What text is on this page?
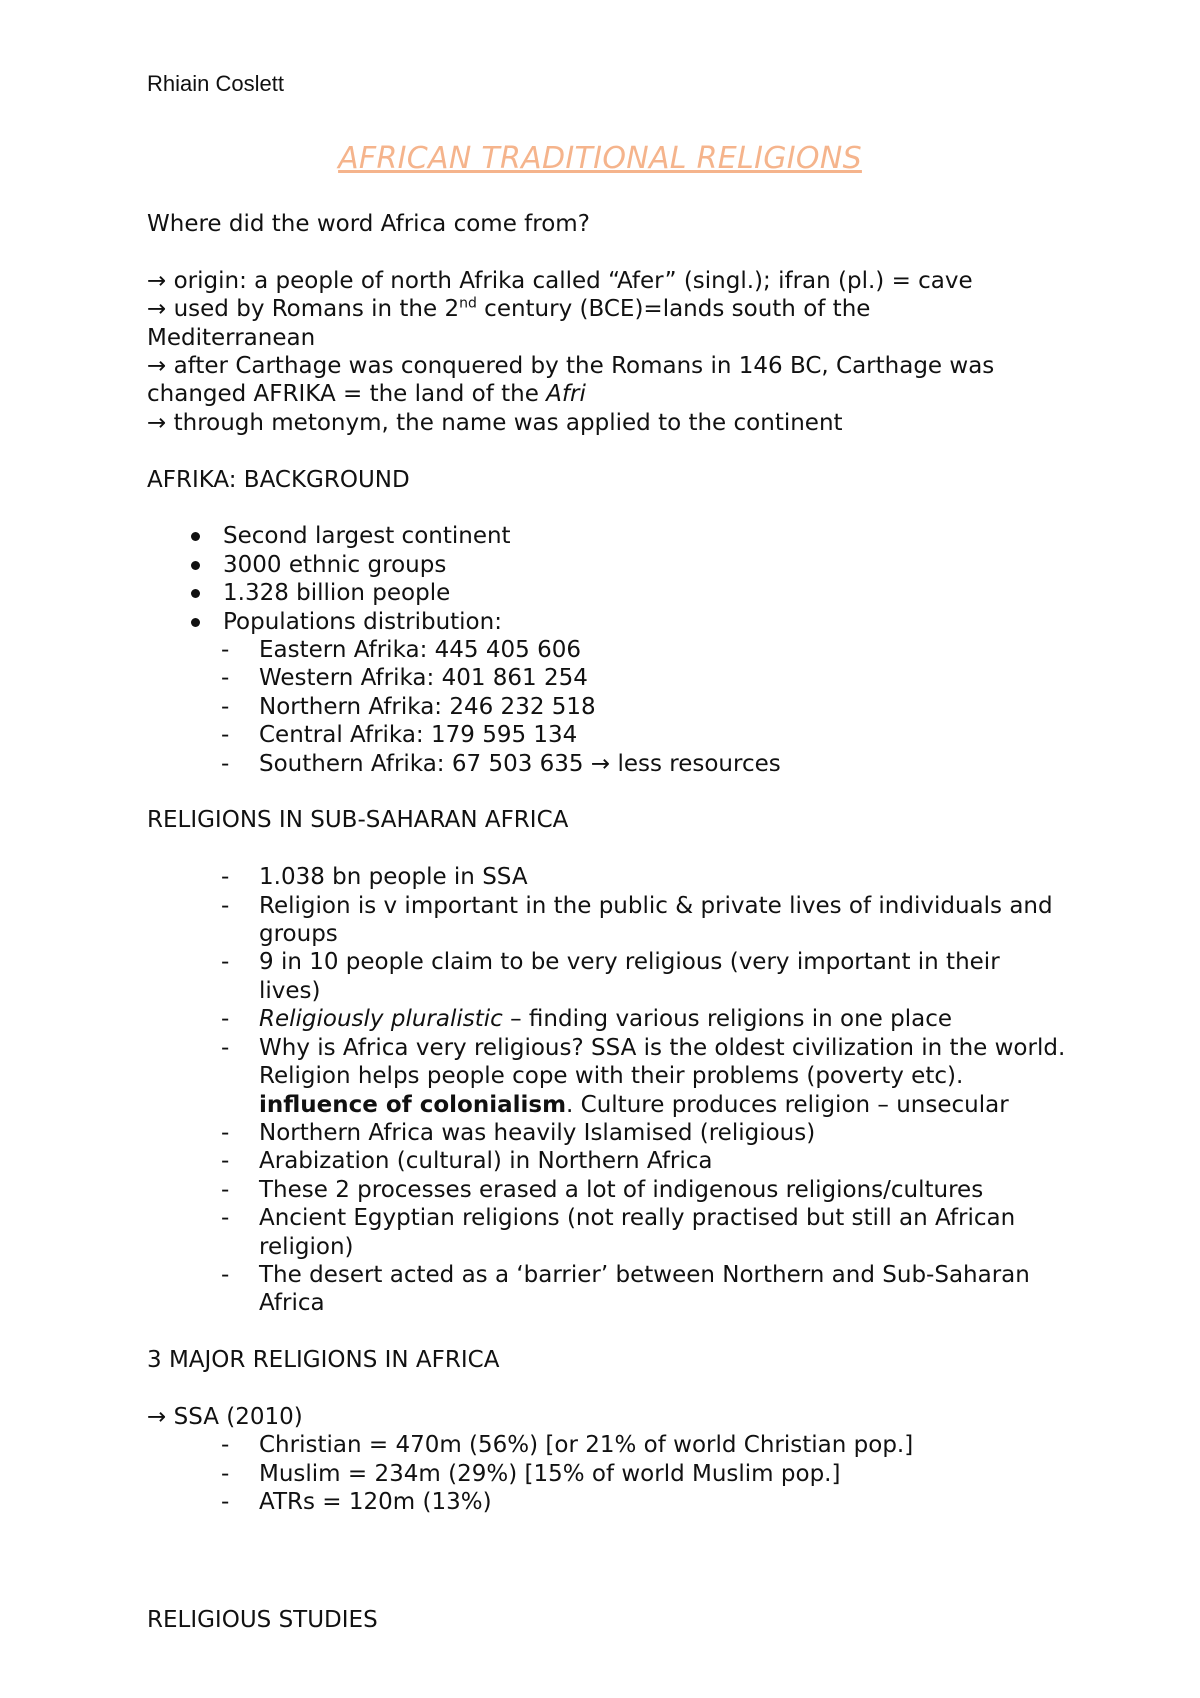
Rhiain Coslett
AFRICAN TRADITIONAL RELIGIONS

Where did the word Africa come from?

→ origin: a people of north Afrika called “Afer” (singl.); ifran (pl.) = cave

→ used by Romans in the 2nd century (BCE)=lands south of the
Mediterranean

→ after Carthage was conquered by the Romans in 146 BC, Carthage was
changed AFRIKA = the land of the Afri

→ through metonym, the name was applied to the continent

AFRIKA: BACKGROUND

Second largest continent
3000 ethnic groups
1.328 billion people
Populations distribution:
- Eastern Afrika: 445 405 606
- Western Afrika: 401 861 254
- Northern Afrika: 246 232 518
- Central Afrika: 179 595 134
- Southern Afrika: 67 503 635 → less resources

RELIGIONS IN SUB-SAHARAN AFRICA

- 1.038 bn people in SSA
- Religion is v important in the public & private lives of individuals and groups
- 9 in 10 people claim to be very religious (very important in their lives)
- Religiously pluralistic – finding various religions in one place
- Why is Africa very religious? SSA is the oldest civilization in the world. Religion helps people cope with their problems (poverty etc). influence of colonialism. Culture produces religion – unsecular
- Northern Africa was heavily Islamised (religious)
- Arabization (cultural) in Northern Africa
- These 2 processes erased a lot of indigenous religions/cultures
- Ancient Egyptian religions (not really practised but still an African religion)
- The desert acted as a ‘barrier’ between Northern and Sub-Saharan Africa

3 MAJOR RELIGIONS IN AFRICA

→ SSA (2010)

- Christian = 470m (56%) [or 21% of world Christian pop.]
- Muslim = 234m (29%) [15% of world Muslim pop.]
- ATRs = 120m (13%)
RELIGIOUS STUDIES
